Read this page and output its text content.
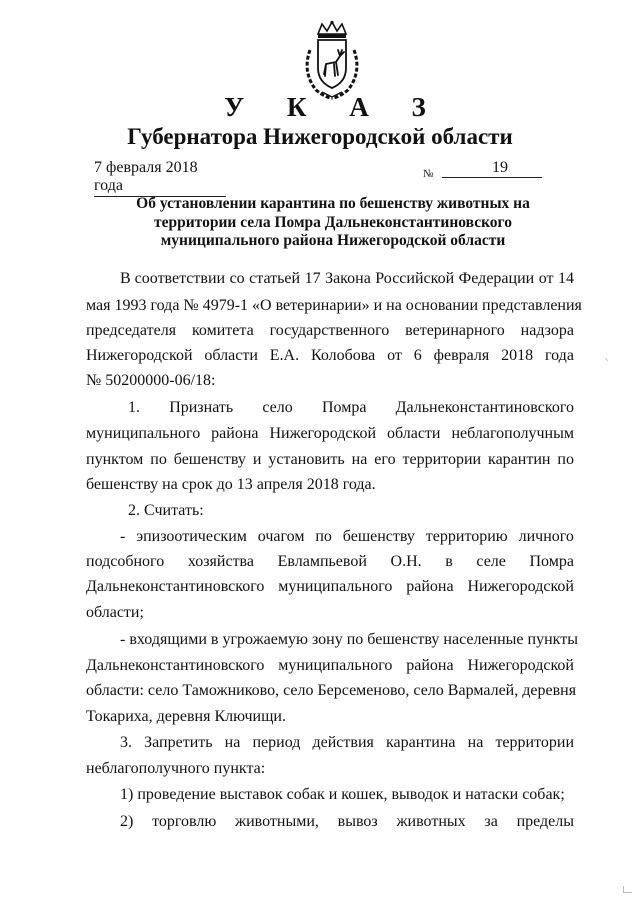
У К А З
Губернатора Нижегородской области
7 февраля 2018 года
№	19
Об установлении карантина по бешенству животных на
территории села Помра Дальнеконстантиновского
муниципального района Нижегородской области
В соответствии со статьей 17 Закона Российской Федерации от 14
мая 1993 года № 4979-1 «О ветеринарии» и на основании представления
председателя комитета государственного ветеринарного надзора
Нижегородской области Е.А. Колобова от 6 февраля 2018 года
№ 50200000-06/18:
1. Признать село Помра Дальнеконстантиновского
муниципального района Нижегородской области неблагополучным
пунктом по бешенству и установить на его территории карантин по
бешенству на срок до 13 апреля 2018 года.
2. Считать:
- эпизоотическим очагом по бешенству территорию личного
подсобного хозяйства Евлампьевой О.Н. в селе Помра
Дальнеконстантиновского муниципального района Нижегородской
области;
- входящими в угрожаемую зону по бешенству населенные пункты
Дальнеконстантиновского муниципального района Нижегородской
области: село Таможниково, село Берсеменово, село Вармалей, деревня
Токариха, деревня Ключищи.
3. Запретить на период действия карантина на территории
неблагополучного пункта:
1) проведение выставок собак и кошек, выводок и натаски собак;
2) торговлю животными, вывоз животных за пределы
ᵧ
